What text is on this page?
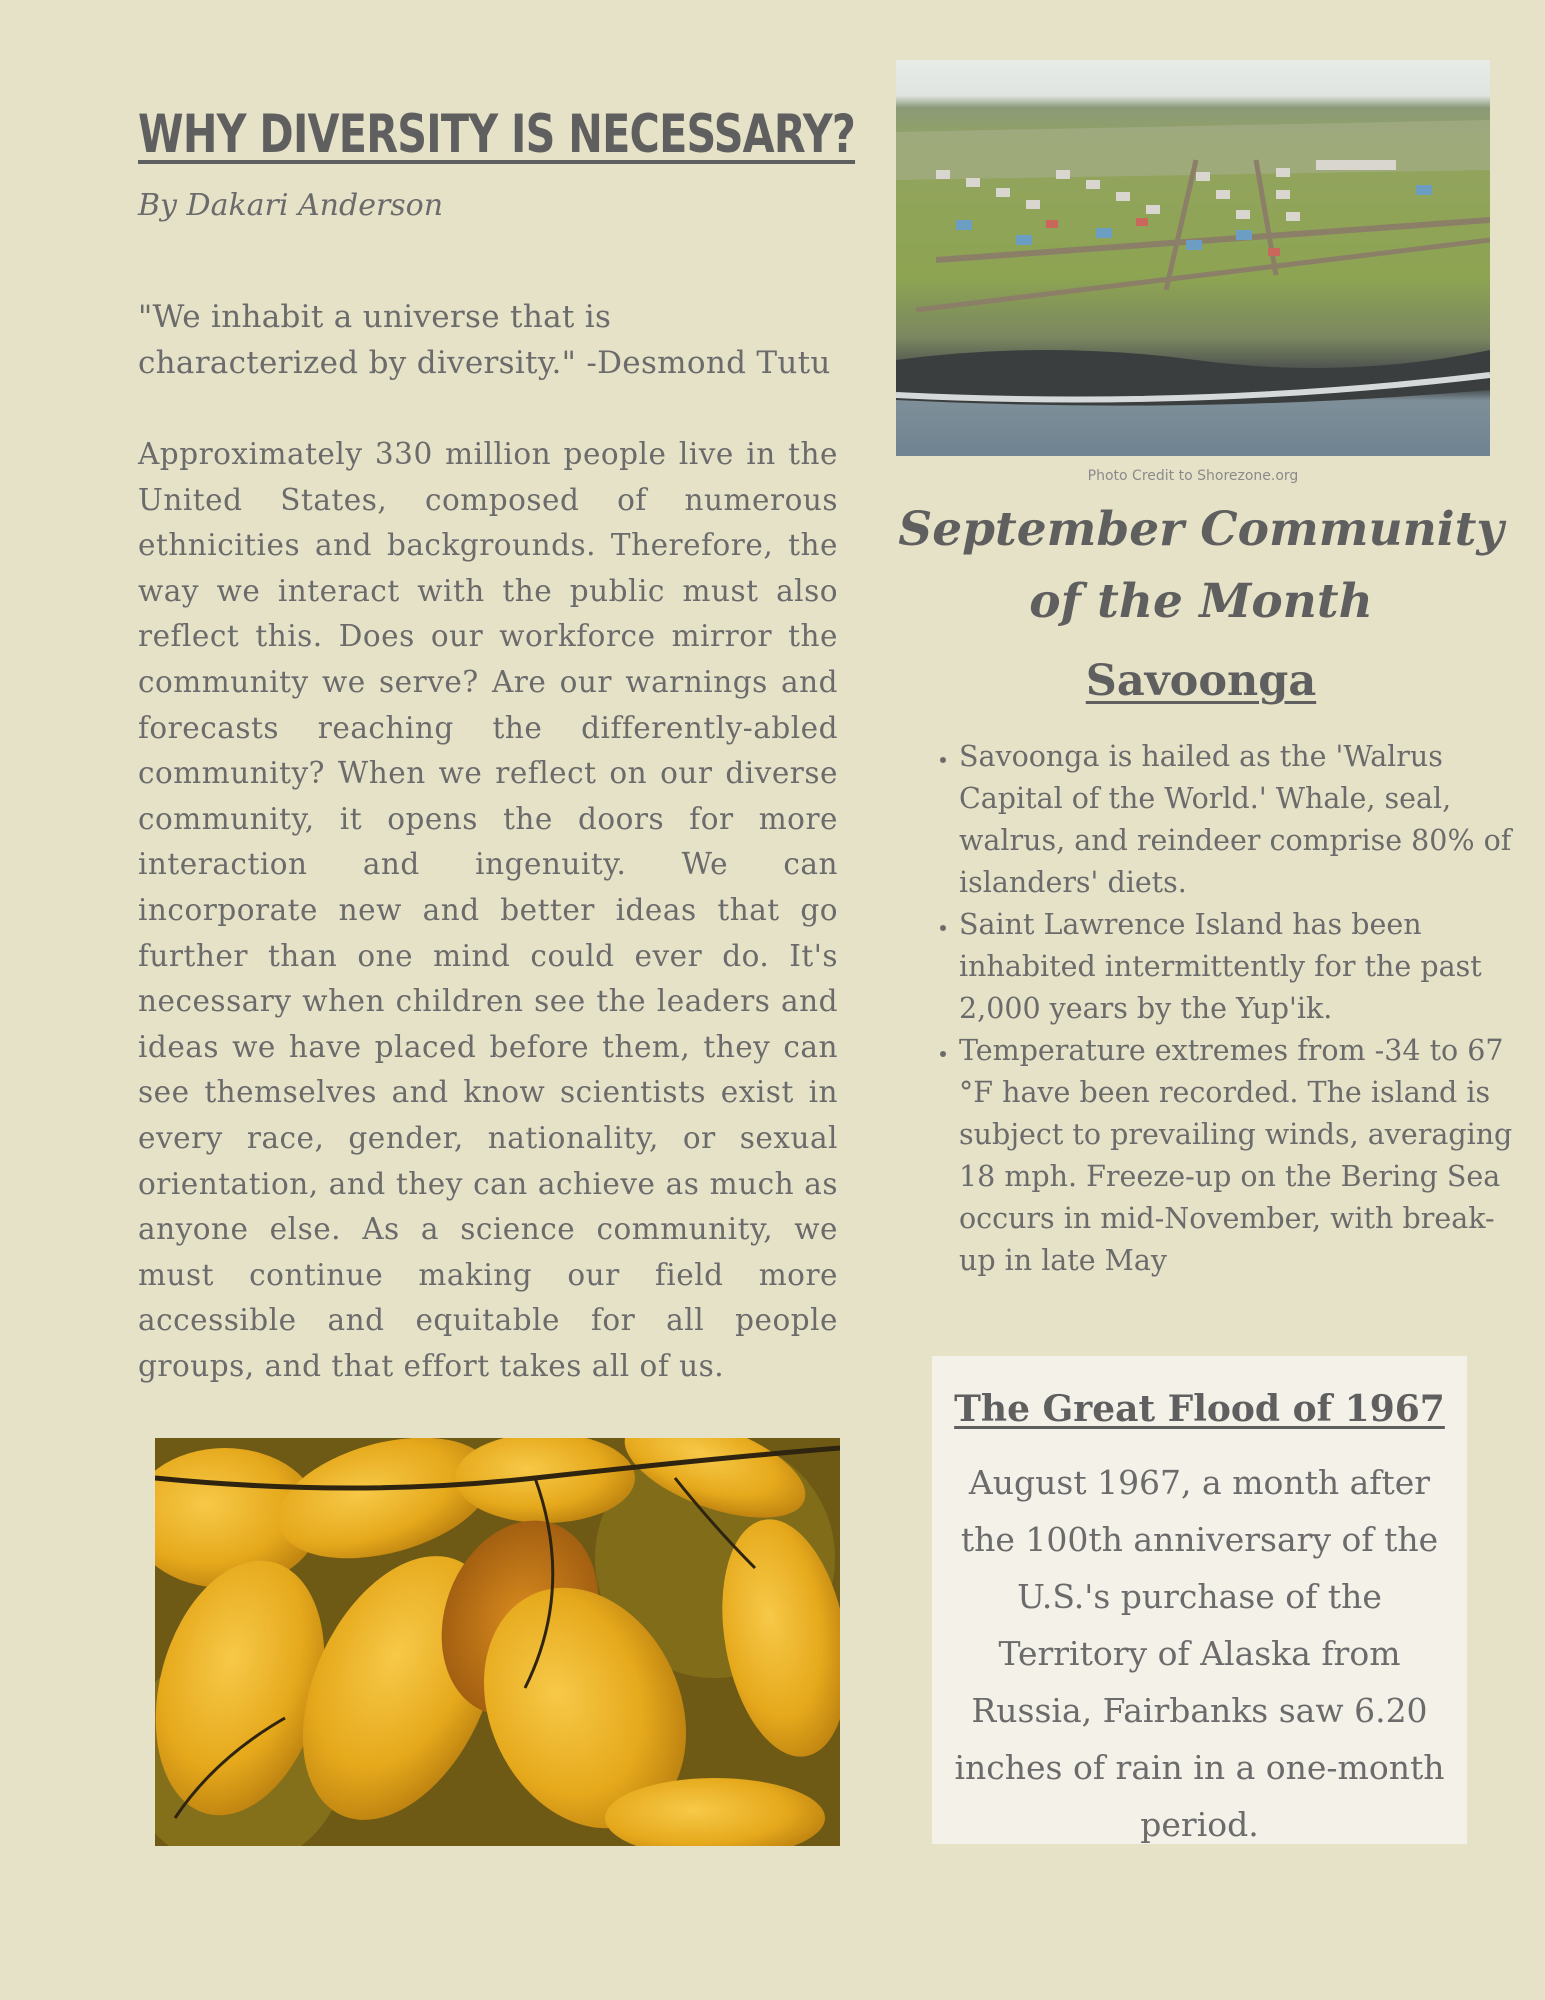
WHY DIVERSITY IS NECESSARY?
By Dakari Anderson
"We inhabit a universe that is characterized by diversity." -Desmond Tutu
Approximately 330 million people live in the United States, composed of numerous ethnicities and backgrounds. Therefore, the way we interact with the public must also reflect this. Does our workforce mirror the community we serve? Are our warnings and forecasts reaching the differently-abled community? When we reflect on our diverse community, it opens the doors for more interaction and ingenuity. We can incorporate new and better ideas that go further than one mind could ever do. It's necessary when children see the leaders and ideas we have placed before them, they can see themselves and know scientists exist in every race, gender, nationality, or sexual orientation, and they can achieve as much as anyone else. As a science community, we must continue making our field more accessible and equitable for all people groups, and that effort takes all of us.
Photo Credit to Shorezone.org
September Community of the Month
Savoonga
• Savoonga is hailed as the 'Walrus Capital of the World.' Whale, seal, walrus, and reindeer comprise 80% of islanders' diets.
• Saint Lawrence Island has been inhabited intermittently for the past 2,000 years by the Yup'ik.
• Temperature extremes from -34 to 67 °F have been recorded. The island is subject to prevailing winds, averaging 18 mph. Freeze-up on the Bering Sea occurs in mid-November, with break-up in late May
The Great Flood of 1967
August 1967, a month after the 100th anniversary of the U.S.'s purchase of the Territory of Alaska from Russia, Fairbanks saw 6.20 inches of rain in a one-month period.
